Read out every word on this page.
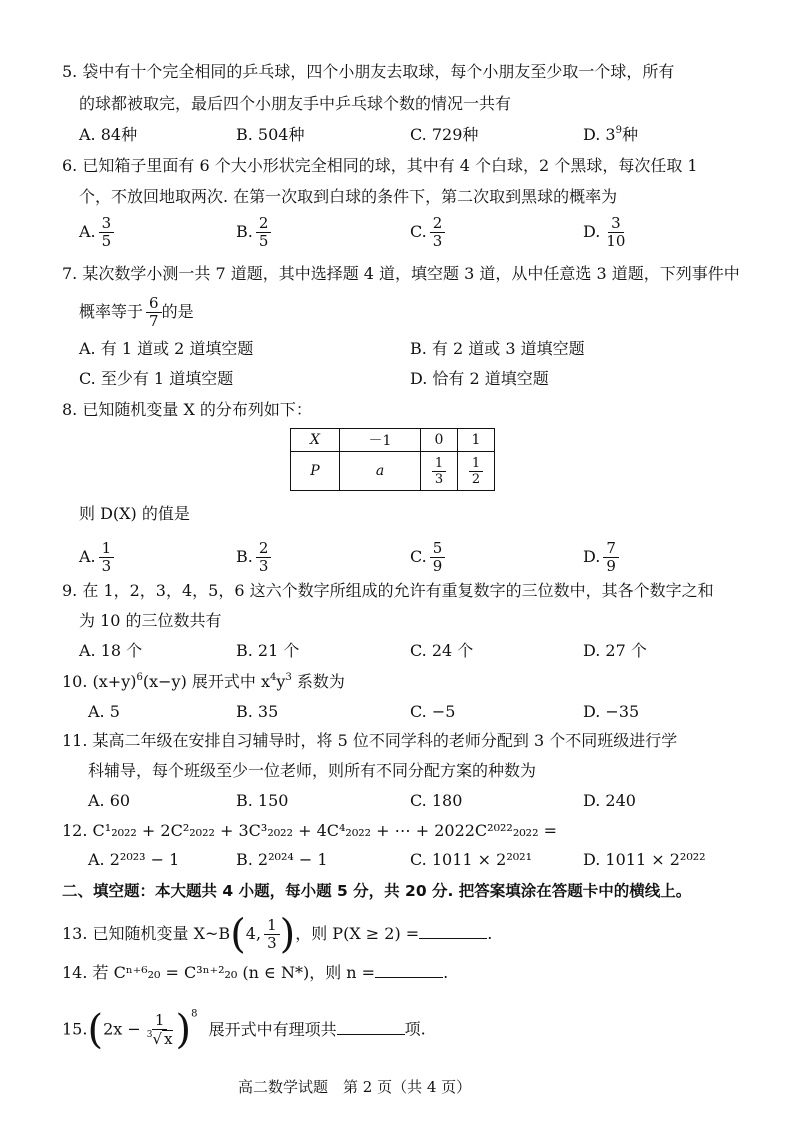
5. 袋中有十个完全相同的乒乓球，四个小朋友去取球，每个小朋友至少取一个球，所有
的球都被取完，最后四个小朋友手中乒乓球个数的情况一共有
A. 84种	B. 504种	C. 729种	D. $3^9$种
6. 已知箱子里面有 6 个大小形状完全相同的球，其中有 4 个白球，2 个黑球，每次任取 1
个，不放回地取两次. 在第一次取到白球的条件下，第二次取到黑球的概率为
A. $\frac{3}{5}$	B. $\frac{2}{5}$	C. $\frac{2}{3}$	D. $\frac{3}{10}$
7. 某次数学小测一共 7 道题，其中选择题 4 道，填空题 3 道，从中任意选 3 道题，下列事件中
概率等于 $\frac{6}{7}$ 的是
A. 有 1 道或 2 道填空题	B. 有 2 道或 3 道填空题
C. 至少有 1 道填空题	D. 恰有 2 道填空题
8. 已知随机变量 X 的分布列如下：
X	－1	0	1
P	a	$\frac{1}{3}$	$\frac{1}{2}$
则 D(X) 的值是
A. $\frac{1}{3}$	B. $\frac{2}{3}$	C. $\frac{5}{9}$	D. $\frac{7}{9}$
9. 在 1，2，3，4，5，6 这六个数字所组成的允许有重复数字的三位数中，其各个数字之和
为 10 的三位数共有
A. 18 个	B. 21 个	C. 24 个	D. 27 个
10. $(x+y)^6(x-y)$ 展开式中 $x^4y^3$ 系数为
A. 5	B. 35	C. −5	D. −35
11. 某高二年级在安排自习辅导时，将 5 位不同学科的老师分配到 3 个不同班级进行学
科辅导，每个班级至少一位老师，则所有不同分配方案的种数为
A. 60	B. 150	C. 180	D. 240
12. C¹₂₀₂₂ + 2C²₂₀₂₂ + 3C³₂₀₂₂ + 4C⁴₂₀₂₂ + ⋯ + 2022C²⁰²²₂₀₂₂ =
A. 2²⁰²³ − 1	B. 2²⁰²⁴ − 1	C. 1011 × 2²⁰²¹	D. 1011 × 2²⁰²²
二、填空题：本大题共 4 小题，每小题 5 分，共 20 分. 把答案填涂在答题卡中的横线上。
13. 已知随机变量 X~B(4, $\frac{1}{3}$ )，则 P(X ≥ 2) =	.
14. 若 Cⁿ⁺⁶₂₀ = C³ⁿ⁺²₂₀ (n ∈ N*)，则 n =	.
$15.(2x - \frac{1}{^3√ x} )^8$ 展开式中有理项共	项.
高二数学试题　第 2 页（共 4 页）
